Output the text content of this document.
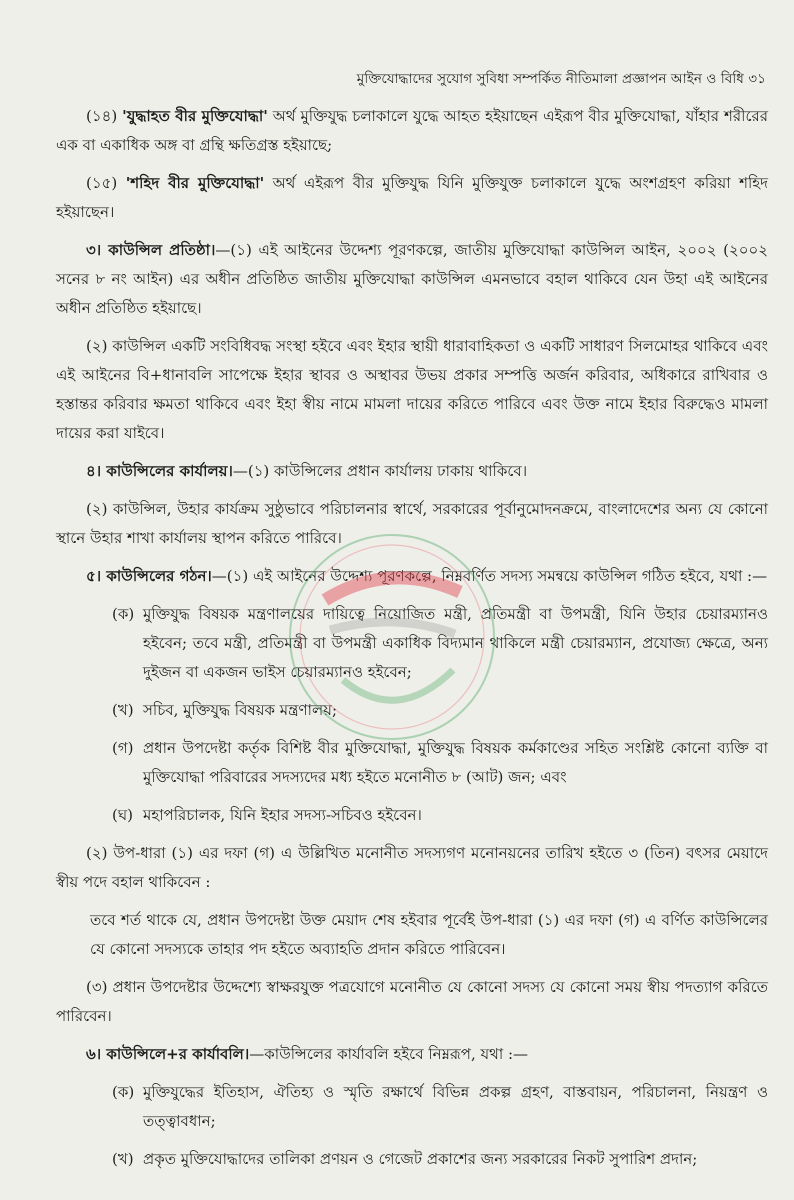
মুক্তিযোদ্ধাদের সুযোগ সুবিধা সম্পর্কিত নীতিমালা প্রজ্ঞাপন আইন ও বিধি ৩১

(১৪) 'যুদ্ধাহত বীর মুক্তিযোদ্ধা' অর্থ মুক্তিযুদ্ধ চলাকালে যুদ্ধে আহত হইয়াছেন এইরূপ বীর মুক্তিযোদ্ধা, যাঁহার শরীরের এক বা একাধিক অঙ্গ বা গ্রন্থি ক্ষতিগ্রস্ত হইয়াছে;

(১৫) 'শহিদ বীর মুক্তিযোদ্ধা' অর্থ এইরূপ বীর মুক্তিযুদ্ধ যিনি মুক্তিযুক্ত চলাকালে যুদ্ধে অংশগ্রহণ করিয়া শহিদ হইয়াছেন।

৩। কাউন্সিল প্রতিষ্ঠা।—(১) এই আইনের উদ্দেশ্য পূরণকল্পে, জাতীয় মুক্তিযোদ্ধা কাউন্সিল আইন, ২০০২ (২০০২ সনের ৮ নং আইন) এর অধীন প্রতিষ্ঠিত জাতীয় মুক্তিযোদ্ধা কাউন্সিল এমনভাবে বহাল থাকিবে যেন উহা এই আইনের অধীন প্রতিষ্ঠিত হইয়াছে।

(২) কাউন্সিল একটি সংবিধিবদ্ধ সংস্থা হইবে এবং ইহার স্থায়ী ধারাবাহিকতা ও একটি সাধারণ সিলমোহর থাকিবে এবং এই আইনের বি+ধানাবলি সাপেক্ষে ইহার স্থাবর ও অস্থাবর উভয় প্রকার সম্পত্তি অর্জন করিবার, অধিকারে রাখিবার ও হস্তান্তর করিবার ক্ষমতা থাকিবে এবং ইহা স্বীয় নামে মামলা দায়ের করিতে পারিবে এবং উক্ত নামে ইহার বিরুদ্ধেও মামলা দায়ের করা যাইবে।

৪। কাউন্সিলের কার্যালয়।—(১) কাউন্সিলের প্রধান কার্যালয় ঢাকায় থাকিবে।

(২) কাউন্সিল, উহার কার্যক্রম সুষ্ঠুভাবে পরিচালনার স্বার্থে, সরকারের পূর্বানুমোদনক্রমে, বাংলাদেশের অন্য যে কোনো স্থানে উহার শাখা কার্যালয় স্থাপন করিতে পারিবে।

৫। কাউন্সিলের গঠন।—(১) এই আইনের উদ্দেশ্য পূরণকল্পে, নিম্নবর্ণিত সদস্য সমন্বয়ে কাউন্সিল গঠিত হইবে, যথা :—

(ক) মুক্তিযুদ্ধ বিষয়ক মন্ত্রণালয়ের দায়িত্বে নিয়োজিত মন্ত্রী, প্রতিমন্ত্রী বা উপমন্ত্রী, যিনি উহার চেয়ারম্যানও হইবেন; তবে মন্ত্রী, প্রতিমন্ত্রী বা উপমন্ত্রী একাধিক বিদ্যমান থাকিলে মন্ত্রী চেয়ারম্যান, প্রযোজ্য ক্ষেত্রে, অন্য দুইজন বা একজন ভাইস চেয়ারম্যানও হইবেন;

(খ) সচিব, মুক্তিযুদ্ধ বিষয়ক মন্ত্রণালয়;

(গ) প্রধান উপদেষ্টা কর্তৃক বিশিষ্ট বীর মুক্তিযোদ্ধা, মুক্তিযুদ্ধ বিষয়ক কর্মকাণ্ডের সহিত সংশ্লিষ্ট কোনো ব্যক্তি বা মুক্তিযোদ্ধা পরিবারের সদস্যদের মধ্য হইতে মনোনীত ৮ (আট) জন; এবং

(ঘ) মহাপরিচালক, যিনি ইহার সদস্য-সচিবও হইবেন।

(২) উপ-ধারা (১) এর দফা (গ) এ উল্লিখিত মনোনীত সদস্যগণ মনোনয়নের তারিখ হইতে ৩ (তিন) বৎসর মেয়াদে স্বীয় পদে বহাল থাকিবেন :

তবে শর্ত থাকে যে, প্রধান উপদেষ্টা উক্ত মেয়াদ শেষ হইবার পূর্বেই উপ-ধারা (১) এর দফা (গ) এ বর্ণিত কাউন্সিলের যে কোনো সদস্যকে তাহার পদ হইতে অব্যাহতি প্রদান করিতে পারিবেন।

(৩) প্রধান উপদেষ্টার উদ্দেশ্যে স্বাক্ষরযুক্ত পত্রযোগে মনোনীত যে কোনো সদস্য যে কোনো সময় স্বীয় পদত্যাগ করিতে পারিবেন।

৬। কাউন্সিলে+র কার্যাবলি।—কাউন্সিলের কার্যাবলি হইবে নিম্নরূপ, যথা :—

(ক) মুক্তিযুদ্ধের ইতিহাস, ঐতিহ্য ও স্মৃতি রক্ষার্থে বিভিন্ন প্রকল্প গ্রহণ, বাস্তবায়ন, পরিচালনা, নিয়ন্ত্রণ ও তত্ত্বাবধান;

(খ) প্রকৃত মুক্তিযোদ্ধাদের তালিকা প্রণয়ন ও গেজেট প্রকাশের জন্য সরকারের নিকট সুপারিশ প্রদান;
